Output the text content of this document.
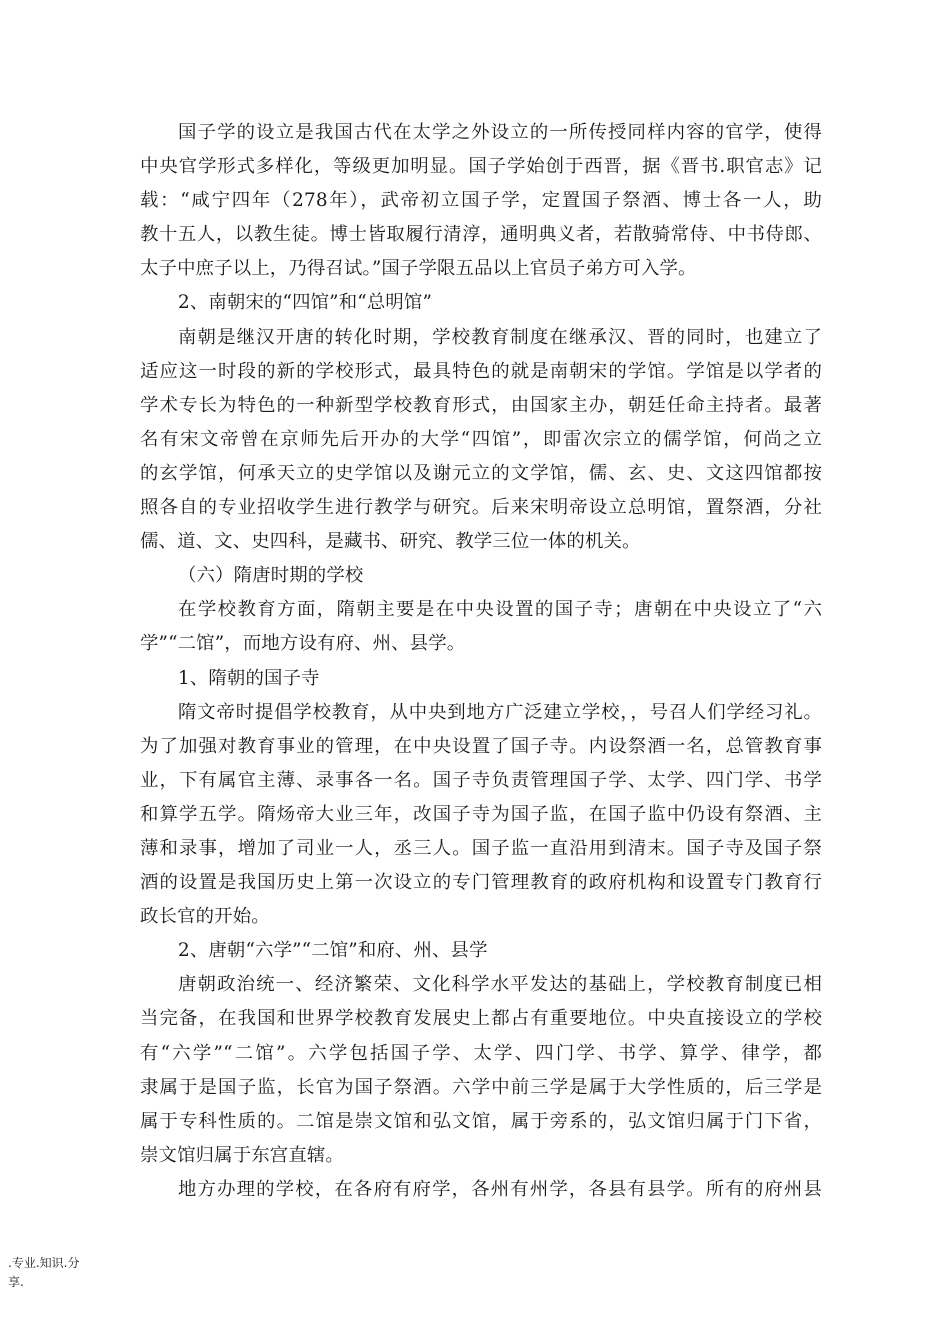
国子学的设立是我国古代在太学之外设立的一所传授同样内容的官学，使得
中央官学形式多样化，等级更加明显。国子学始创于西晋，据《晋书.职官志》记
载：“咸宁四年（278年），武帝初立国子学，定置国子祭酒、博士各一人，助
教十五人，以教生徒。博士皆取履行清淳，通明典义者，若散骑常侍、中书侍郎、
太子中庶子以上，乃得召试。”国子学限五品以上官员子弟方可入学。
2、南朝宋的“四馆”和“总明馆”
南朝是继汉开唐的转化时期，学校教育制度在继承汉、晋的同时，也建立了
适应这一时段的新的学校形式，最具特色的就是南朝宋的学馆。学馆是以学者的
学术专长为特色的一种新型学校教育形式，由国家主办，朝廷任命主持者。最著
名有宋文帝曾在京师先后开办的大学“四馆”，即雷次宗立的儒学馆，何尚之立
的玄学馆，何承天立的史学馆以及谢元立的文学馆，儒、玄、史、文这四馆都按
照各自的专业招收学生进行教学与研究。后来宋明帝设立总明馆，置祭酒，分社
儒、道、文、史四科，是藏书、研究、教学三位一体的机关。
（六）隋唐时期的学校
在学校教育方面，隋朝主要是在中央设置的国子寺；唐朝在中央设立了“六
学”“二馆”，而地方设有府、州、县学。
1、隋朝的国子寺
隋文帝时提倡学校教育，从中央到地方广泛建立学校，，号召人们学经习礼。
为了加强对教育事业的管理，在中央设置了国子寺。内设祭酒一名，总管教育事
业，下有属官主薄、录事各一名。国子寺负责管理国子学、太学、四门学、书学
和算学五学。隋炀帝大业三年，改国子寺为国子监，在国子监中仍设有祭酒、主
薄和录事，增加了司业一人，丞三人。国子监一直沿用到清末。国子寺及国子祭
酒的设置是我国历史上第一次设立的专门管理教育的政府机构和设置专门教育行
政长官的开始。
2、唐朝“六学”“二馆”和府、州、县学
唐朝政治统一、经济繁荣、文化科学水平发达的基础上，学校教育制度已相
当完备，在我国和世界学校教育发展史上都占有重要地位。中央直接设立的学校
有“六学”“二馆”。六学包括国子学、太学、四门学、书学、算学、律学，都
隶属于是国子监，长官为国子祭酒。六学中前三学是属于大学性质的，后三学是
属于专科性质的。二馆是崇文馆和弘文馆，属于旁系的，弘文馆归属于门下省，
崇文馆归属于东宫直辖。
地方办理的学校，在各府有府学，各州有州学，各县有县学。所有的府州县
.专业.知识.分
享.
